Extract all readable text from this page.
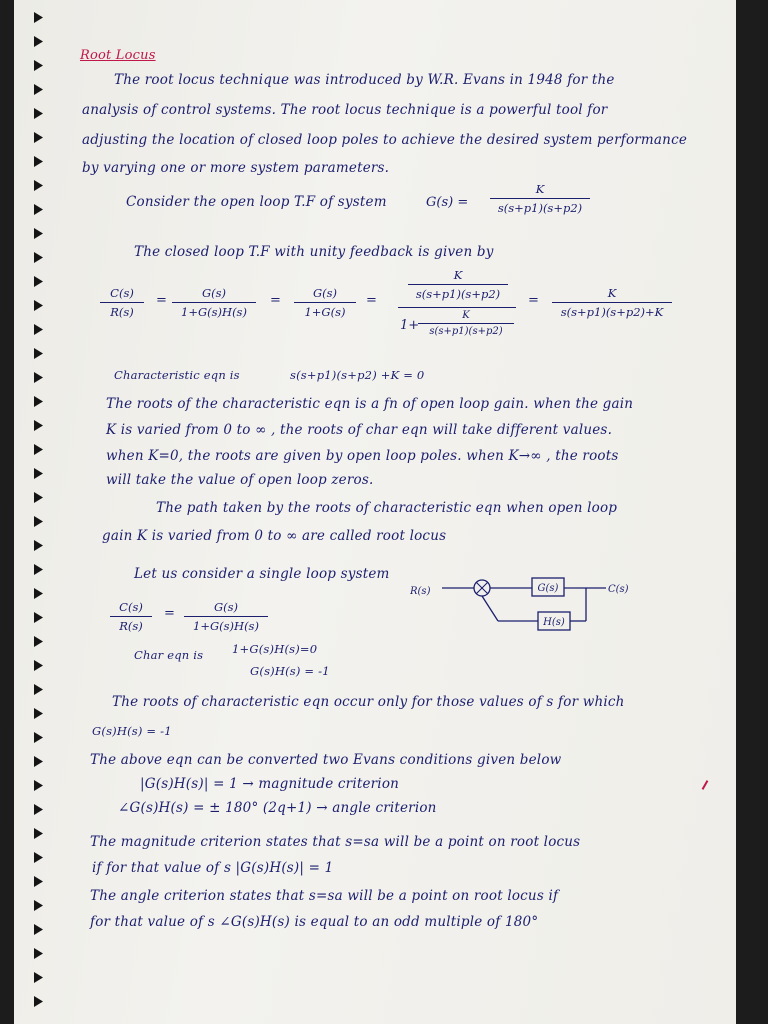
Root Locus
The root locus technique was introduced by W.R. Evans in 1948 for the
analysis of control systems. The root locus technique is a powerful tool for
adjusting the location of closed loop poles to achieve the desired system performance
by varying one or more system parameters.
Consider the open loop T.F of system	$G(s) = \frac{K}{s(s+p1)(s+p2)}$
The closed loop T.F with unity feedback is given by
$\frac{C(s)}{R(s)} = \frac{G(s)}{1+G(s)H(s)} = \frac{G(s)}{1+G(s)}$ =
K
s(s+p1)(s+p2)
1+
$\frac{K}{s(s+p1)(s+p2)}$
= $\frac{K}{s(s+p1)(s+p2)+K}$
Characteristic eqn is	s(s+p1)(s+p2) +K = 0
The roots of the characteristic eqn is a fn of open loop gain. when the gain
K is varied from 0 to ∞ , the roots of char eqn will take different values.
when K=0, the roots are given by open loop poles. when K→∞ , the roots
will take the value of open loop zeros.
The path taken by the roots of characteristic eqn when open loop
gain K is varied from 0 to ∞ are called root locus
Let us consider a single loop system
R(s)	G(s)	C(s)
H(s)
$\frac{C(s)}{R(s)} = \frac{G(s)}{1+G(s)H(s)}$
Char eqn is	1+G(s)H(s)=0
G(s)H(s) = -1
The roots of characteristic eqn occur only for those values of s for which
G(s)H(s) = -1
The above eqn can be converted two Evans conditions given below
|G(s)H(s)| = 1 → magnitude criterion
∠G(s)H(s) = ± 180° (2q+1) → angle criterion
The magnitude criterion states that s=sa will be a point on root locus
if for that value of s |G(s)H(s)| = 1
The angle criterion states that s=sa will be a point on root locus if
for that value of s ∠G(s)H(s) is equal to an odd multiple of 180°
